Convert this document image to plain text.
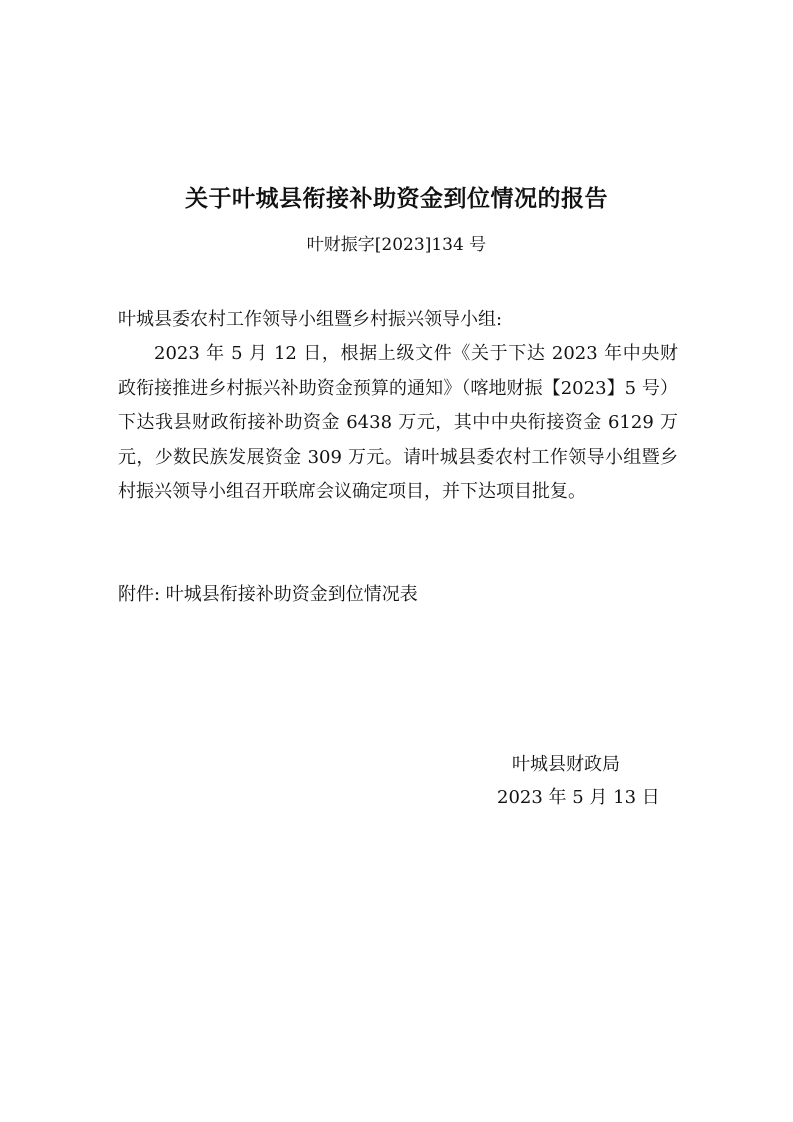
关于叶城县衔接补助资金到位情况的报告
叶财振字[2023]134 号
叶城县委农村工作领导小组暨乡村振兴领导小组:
2023 年 5 月 12 日，根据上级文件《关于下达 2023 年中央财政衔接推进乡村振兴补助资金预算的通知》（喀地财振【2023】5 号）下达我县财政衔接补助资金 6438 万元，其中中央衔接资金 6129 万元，少数民族发展资金 309 万元。请叶城县委农村工作领导小组暨乡村振兴领导小组召开联席会议确定项目，并下达项目批复。
附件: 叶城县衔接补助资金到位情况表
叶城县财政局
2023 年 5 月 13 日
